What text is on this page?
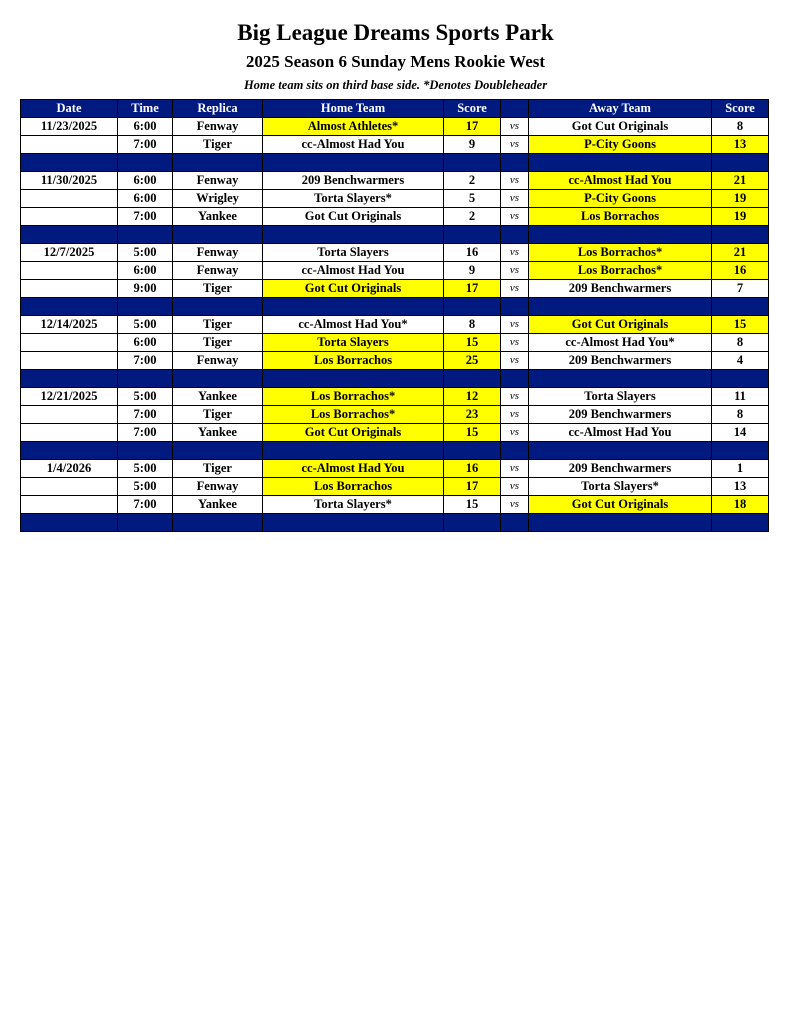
Big League Dreams Sports Park
2025 Season 6 Sunday Mens Rookie West
Home team sits on third base side. *Denotes Doubleheader
Date	Time	Replica	Home Team	Score		Away Team	Score
11/23/2025	6:00	Fenway	Almost Athletes*	17	vs	Got Cut Originals	8
	7:00	Tiger	cc-Almost Had You	9	vs	P-City Goons	13

11/30/2025	6:00	Fenway	209 Benchwarmers	2	vs	cc-Almost Had You	21
	6:00	Wrigley	Torta Slayers*	5	vs	P-City Goons	19
	7:00	Yankee	Got Cut Originals	2	vs	Los Borrachos	19

12/7/2025	5:00	Fenway	Torta Slayers	16	vs	Los Borrachos*	21
	6:00	Fenway	cc-Almost Had You	9	vs	Los Borrachos*	16
	9:00	Tiger	Got Cut Originals	17	vs	209 Benchwarmers	7

12/14/2025	5:00	Tiger	cc-Almost Had You*	8	vs	Got Cut Originals	15
	6:00	Tiger	Torta Slayers	15	vs	cc-Almost Had You*	8
	7:00	Fenway	Los Borrachos	25	vs	209 Benchwarmers	4

12/21/2025	5:00	Yankee	Los Borrachos*	12	vs	Torta Slayers	11
	7:00	Tiger	Los Borrachos*	23	vs	209 Benchwarmers	8
	7:00	Yankee	Got Cut Originals	15	vs	cc-Almost Had You	14

1/4/2026	5:00	Tiger	cc-Almost Had You	16	vs	209 Benchwarmers	1
	5:00	Fenway	Los Borrachos	17	vs	Torta Slayers*	13
	7:00	Yankee	Torta Slayers*	15	vs	Got Cut Originals	18
